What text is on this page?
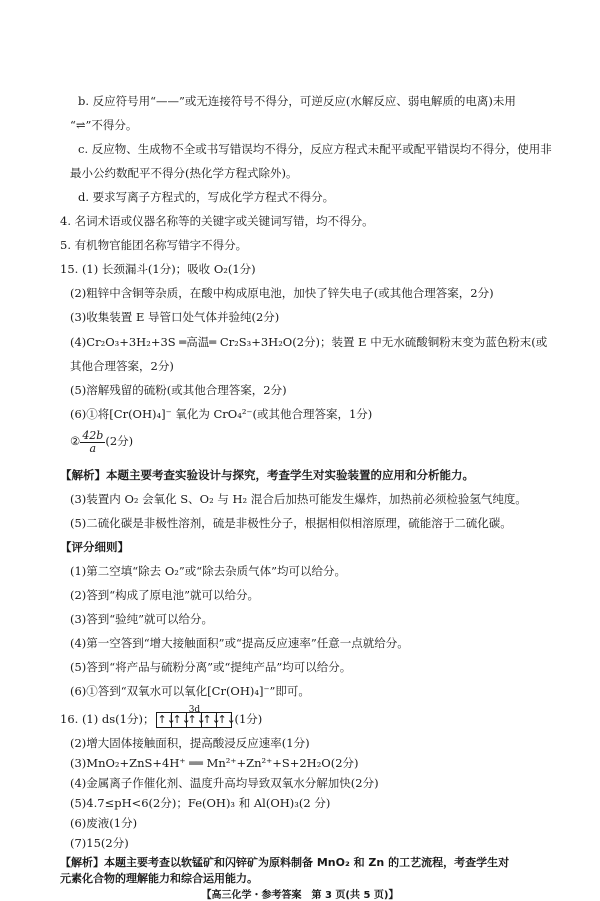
b. 反应符号用“——”或无连接符号不得分，可逆反应(水解反应、弱电解质的电离)未用
“⇌”不得分。
c. 反应物、生成物不全或书写错误均不得分，反应方程式未配平或配平错误均不得分，使用非
最小公约数配平不得分(热化学方程式除外)。
d. 要求写离子方程式的，写成化学方程式不得分。
4. 名词术语或仪器名称等的关键字或关键词写错，均不得分。
5. 有机物官能团名称写错字不得分。
15. (1) 长颈漏斗(1分)；吸收 O₂(1分)
(2)粗锌中含铜等杂质，在酸中构成原电池，加快了锌失电子(或其他合理答案，2分)
(3)收集装置 E 导管口处气体并验纯(2分)
(4)Cr₂O₃+3H₂+3S ═高温═ Cr₂S₃+3H₂O(2分)；装置 E 中无水硫酸铜粉末变为蓝色粉末(或
其他合理答案，2分)
(5)溶解残留的硫粉(或其他合理答案，2分)
(6)①将[Cr(OH)₄]⁻ 氧化为 CrO₄²⁻(或其他合理答案，1分)
② $\frac{42b}{a} (2$分)
【解析】本题主要考查实验设计与探究，考查学生对实验装置的应用和分析能力。
(3)装置内 O₂ 会氧化 S、O₂ 与 H₂ 混合后加热可能发生爆炸，加热前必须检验氢气纯度。
(5)二硫化碳是非极性溶剂，硫是非极性分子，根据相似相溶原理，硫能溶于二硫化碳。
【评分细则】
(1)第二空填“除去 O₂”或“除去杂质气体”均可以给分。
(2)答到“构成了原电池”就可以给分。
(3)答到“验纯”就可以给分。
(4)第一空答到“增大接触面积”或“提高反应速率”任意一点就给分。
(5)答到“将产品与硫粉分离”或“提纯产品”均可以给分。
(6)①答到“双氧水可以氧化[Cr(OH)₄]⁻”即可。
16. (1) ds(1分)；
3d
↑↓
↑↓
↑↓
↑↓
↑↓
(1分)
(2)增大固体接触面积，提高酸浸反应速率(1分)
(3)MnO₂+ZnS+4H⁺ ══ Mn²⁺+Zn²⁺+S+2H₂O(2分)
(4)金属离子作催化剂、温度升高均导致双氧水分解加快(2分)
(5)4.7≤pH<6(2分)；Fe(OH)₃ 和 Al(OH)₃(2 分)
(6)废液(1分)
(7)15(2分)
【解析】本题主要考查以软锰矿和闪锌矿为原料制备 MnO₂ 和 Zn 的工艺流程，考查学生对
元素化合物的理解能力和综合运用能力。
【高三化学・参考答案　第 3 页(共 5 页)】
